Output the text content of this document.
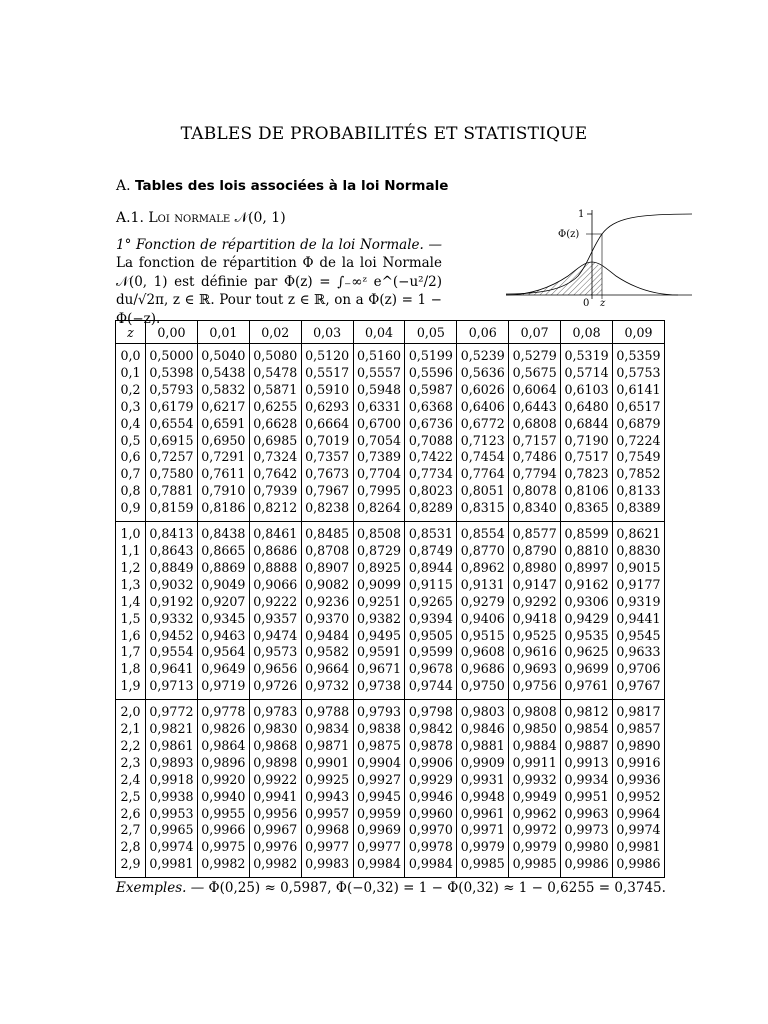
TABLES DE PROBABILITÉS ET STATISTIQUE
A. Tables des lois associées à la loi Normale
A.1. Loi normale 𝒩(0, 1)
1° Fonction de répartition de la loi Normale. — La fonction de répartition Φ de la loi Normale 𝒩(0, 1) est définie par Φ(z) = ∫₋∞ᶻ e^(−u²/2) du/√2π, z ∈ ℝ. Pour tout z ∈ ℝ, on a Φ(z) = 1 − Φ(−z).
1
Φ(z)
0 z
z	0,00	0,01	0,02	0,03	0,04	0,05	0,06	0,07	0,08	0,09
0,0	0,5000	0,5040	0,5080	0,5120	0,5160	0,5199	0,5239	0,5279	0,5319	0,5359
0,1	0,5398	0,5438	0,5478	0,5517	0,5557	0,5596	0,5636	0,5675	0,5714	0,5753
0,2	0,5793	0,5832	0,5871	0,5910	0,5948	0,5987	0,6026	0,6064	0,6103	0,6141
0,3	0,6179	0,6217	0,6255	0,6293	0,6331	0,6368	0,6406	0,6443	0,6480	0,6517
0,4	0,6554	0,6591	0,6628	0,6664	0,6700	0,6736	0,6772	0,6808	0,6844	0,6879
0,5	0,6915	0,6950	0,6985	0,7019	0,7054	0,7088	0,7123	0,7157	0,7190	0,7224
0,6	0,7257	0,7291	0,7324	0,7357	0,7389	0,7422	0,7454	0,7486	0,7517	0,7549
0,7	0,7580	0,7611	0,7642	0,7673	0,7704	0,7734	0,7764	0,7794	0,7823	0,7852
0,8	0,7881	0,7910	0,7939	0,7967	0,7995	0,8023	0,8051	0,8078	0,8106	0,8133
0,9	0,8159	0,8186	0,8212	0,8238	0,8264	0,8289	0,8315	0,8340	0,8365	0,8389
1,0	0,8413	0,8438	0,8461	0,8485	0,8508	0,8531	0,8554	0,8577	0,8599	0,8621
1,1	0,8643	0,8665	0,8686	0,8708	0,8729	0,8749	0,8770	0,8790	0,8810	0,8830
1,2	0,8849	0,8869	0,8888	0,8907	0,8925	0,8944	0,8962	0,8980	0,8997	0,9015
1,3	0,9032	0,9049	0,9066	0,9082	0,9099	0,9115	0,9131	0,9147	0,9162	0,9177
1,4	0,9192	0,9207	0,9222	0,9236	0,9251	0,9265	0,9279	0,9292	0,9306	0,9319
1,5	0,9332	0,9345	0,9357	0,9370	0,9382	0,9394	0,9406	0,9418	0,9429	0,9441
1,6	0,9452	0,9463	0,9474	0,9484	0,9495	0,9505	0,9515	0,9525	0,9535	0,9545
1,7	0,9554	0,9564	0,9573	0,9582	0,9591	0,9599	0,9608	0,9616	0,9625	0,9633
1,8	0,9641	0,9649	0,9656	0,9664	0,9671	0,9678	0,9686	0,9693	0,9699	0,9706
1,9	0,9713	0,9719	0,9726	0,9732	0,9738	0,9744	0,9750	0,9756	0,9761	0,9767
2,0	0,9772	0,9778	0,9783	0,9788	0,9793	0,9798	0,9803	0,9808	0,9812	0,9817
2,1	0,9821	0,9826	0,9830	0,9834	0,9838	0,9842	0,9846	0,9850	0,9854	0,9857
2,2	0,9861	0,9864	0,9868	0,9871	0,9875	0,9878	0,9881	0,9884	0,9887	0,9890
2,3	0,9893	0,9896	0,9898	0,9901	0,9904	0,9906	0,9909	0,9911	0,9913	0,9916
2,4	0,9918	0,9920	0,9922	0,9925	0,9927	0,9929	0,9931	0,9932	0,9934	0,9936
2,5	0,9938	0,9940	0,9941	0,9943	0,9945	0,9946	0,9948	0,9949	0,9951	0,9952
2,6	0,9953	0,9955	0,9956	0,9957	0,9959	0,9960	0,9961	0,9962	0,9963	0,9964
2,7	0,9965	0,9966	0,9967	0,9968	0,9969	0,9970	0,9971	0,9972	0,9973	0,9974
2,8	0,9974	0,9975	0,9976	0,9977	0,9977	0,9978	0,9979	0,9979	0,9980	0,9981
2,9	0,9981	0,9982	0,9982	0,9983	0,9984	0,9984	0,9985	0,9985	0,9986	0,9986
Exemples. — Φ(0,25) ≈ 0,5987, Φ(−0,32) = 1 − Φ(0,32) ≈ 1 − 0,6255 = 0,3745.
